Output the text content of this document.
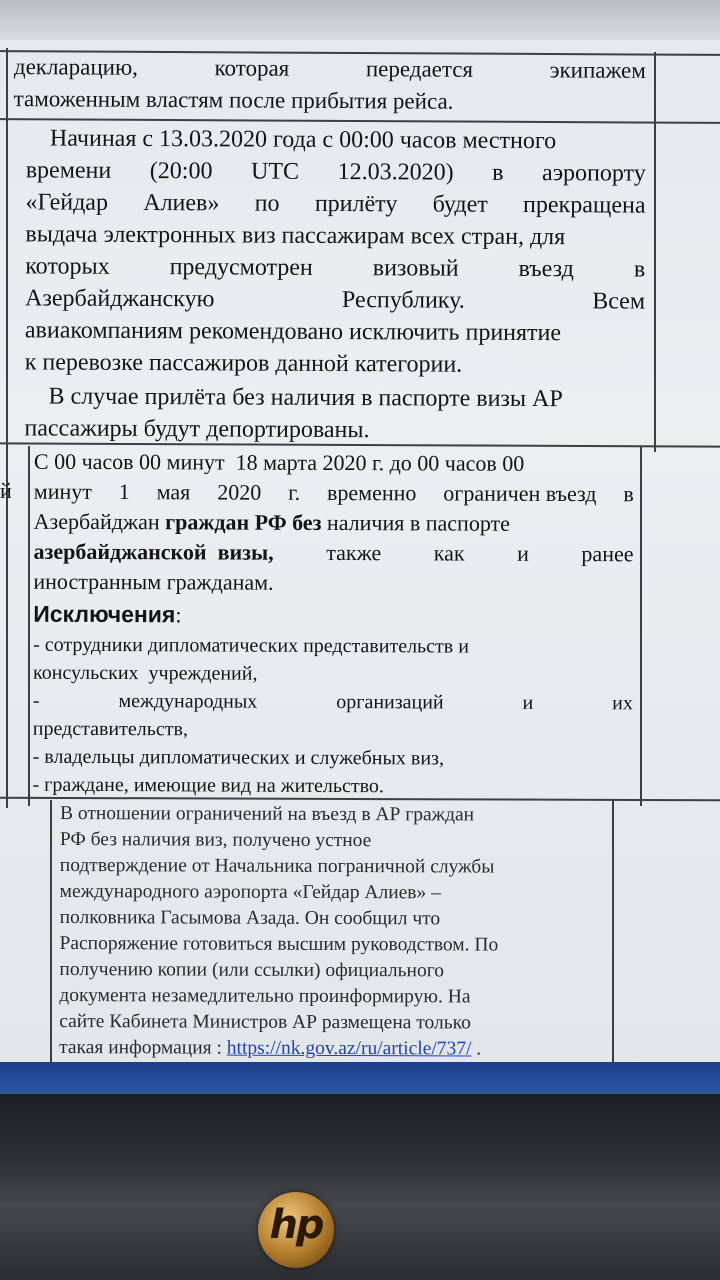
декларацию,	которая	передается	экипажем
таможенным властям после прибытия рейса.
Начиная с 13.03.2020 года с 00:00 часов местного
времени (20:00 UTC 12.03.2020) в аэропорту
«Гейдар Алиев» по прилёту будет прекращена
выдача электронных виз пассажирам всех стран, для
которых предусмотрен визовый въезд в
Азербайджанскую	Республику.	Всем
авиакомпаниям рекомендовано исключить принятие
к перевозке пассажиров данной категории.
В случае прилёта без наличия в паспорте визы АР
пассажиры будут депортированы.
й
С 00 часов 00 минут  18 марта 2020 г. до 00 часов 00
минут 1 мая 2020 г. временно ограничен въезд в
Азербайджан граждан РФ без наличия в паспорте
азербайджанской  визы, также как и ранее
иностранным гражданам.
Исключения:
- сотрудники дипломатических представительств и
консульских  учреждений,
-	международных	организаций	и	их
представительств,
- владельцы дипломатических и служебных виз,
- граждане, имеющие вид на жительство.
В отношении ограничений на въезд в АР граждан
РФ без наличия виз, получено устное
подтверждение от Начальника пограничной службы
международного аэропорта «Гейдар Алиев» –
полковника Гасымова Азада. Он сообщил что
Распоряжение готовиться высшим руководством. По
получению копии (или ссылки) официального
документа незамедлительно проинформирую. На
сайте Кабинета Министров АР размещена только
такая информация : https://nk.gov.az/ru/article/737/ .
hp
